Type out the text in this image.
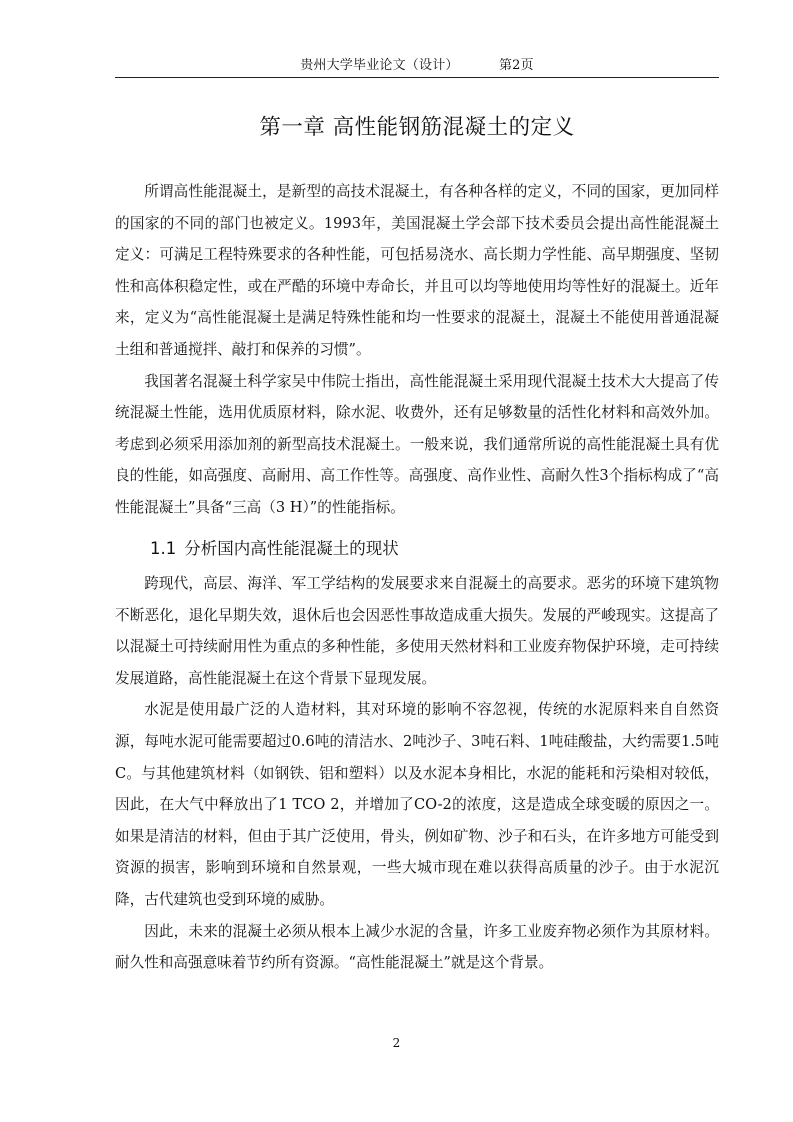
贵州大学毕业论文（设计）	第2页
第一章 高性能钢筋混凝土的定义

所谓高性能混凝土，是新型的高技术混凝土，有各种各样的定义，不同的国家，更加同样的国家的不同的部门也被定义。1993年，美国混凝土学会部下技术委员会提出高性能混凝土定义：可满足工程特殊要求的各种性能，可包括易浇水、高长期力学性能、高早期强度、坚韧性和高体积稳定性，或在严酷的环境中寿命长，并且可以均等地使用均等性好的混凝土。近年来，定义为“高性能混凝土是满足特殊性能和均一性要求的混凝土，混凝土不能使用普通混凝土组和普通搅拌、敲打和保养的习惯”。

我国著名混凝土科学家吴中伟院士指出，高性能混凝土采用现代混凝土技术大大提高了传统混凝土性能，选用优质原材料，除水泥、收费外，还有足够数量的活性化材料和高效外加。考虑到必须采用添加剂的新型高技术混凝土。一般来说，我们通常所说的高性能混凝土具有优良的性能，如高强度、高耐用、高工作性等。高强度、高作业性、高耐久性3个指标构成了“高性能混凝土”具备“三高（3 H）”的性能指标。

1.1 分析国内高性能混凝土的现状

跨现代，高层、海洋、军工学结构的发展要求来自混凝土的高要求。恶劣的环境下建筑物不断恶化，退化早期失效，退休后也会因恶性事故造成重大损失。发展的严峻现实。这提高了以混凝土可持续耐用性为重点的多种性能，多使用天然材料和工业废弃物保护环境，走可持续发展道路，高性能混凝土在这个背景下显现发展。

水泥是使用最广泛的人造材料，其对环境的影响不容忽视，传统的水泥原料来自自然资源，每吨水泥可能需要超过0.6吨的清洁水、2吨沙子、3吨石料、1吨硅酸盐，大约需要1.5吨C。与其他建筑材料（如钢铁、铝和塑料）以及水泥本身相比，水泥的能耗和污染相对较低，因此，在大气中释放出了1 TCO 2，并增加了CO-2的浓度，这是造成全球变暖的原因之一。如果是清洁的材料，但由于其广泛使用，骨头，例如矿物、沙子和石头，在许多地方可能受到资源的损害，影响到环境和自然景观，一些大城市现在难以获得高质量的沙子。由于水泥沉降，古代建筑也受到环境的威胁。

因此，未来的混凝土必须从根本上减少水泥的含量，许多工业废弃物必须作为其原材料。耐久性和高强意味着节约所有资源。“高性能混凝土”就是这个背景。

2
